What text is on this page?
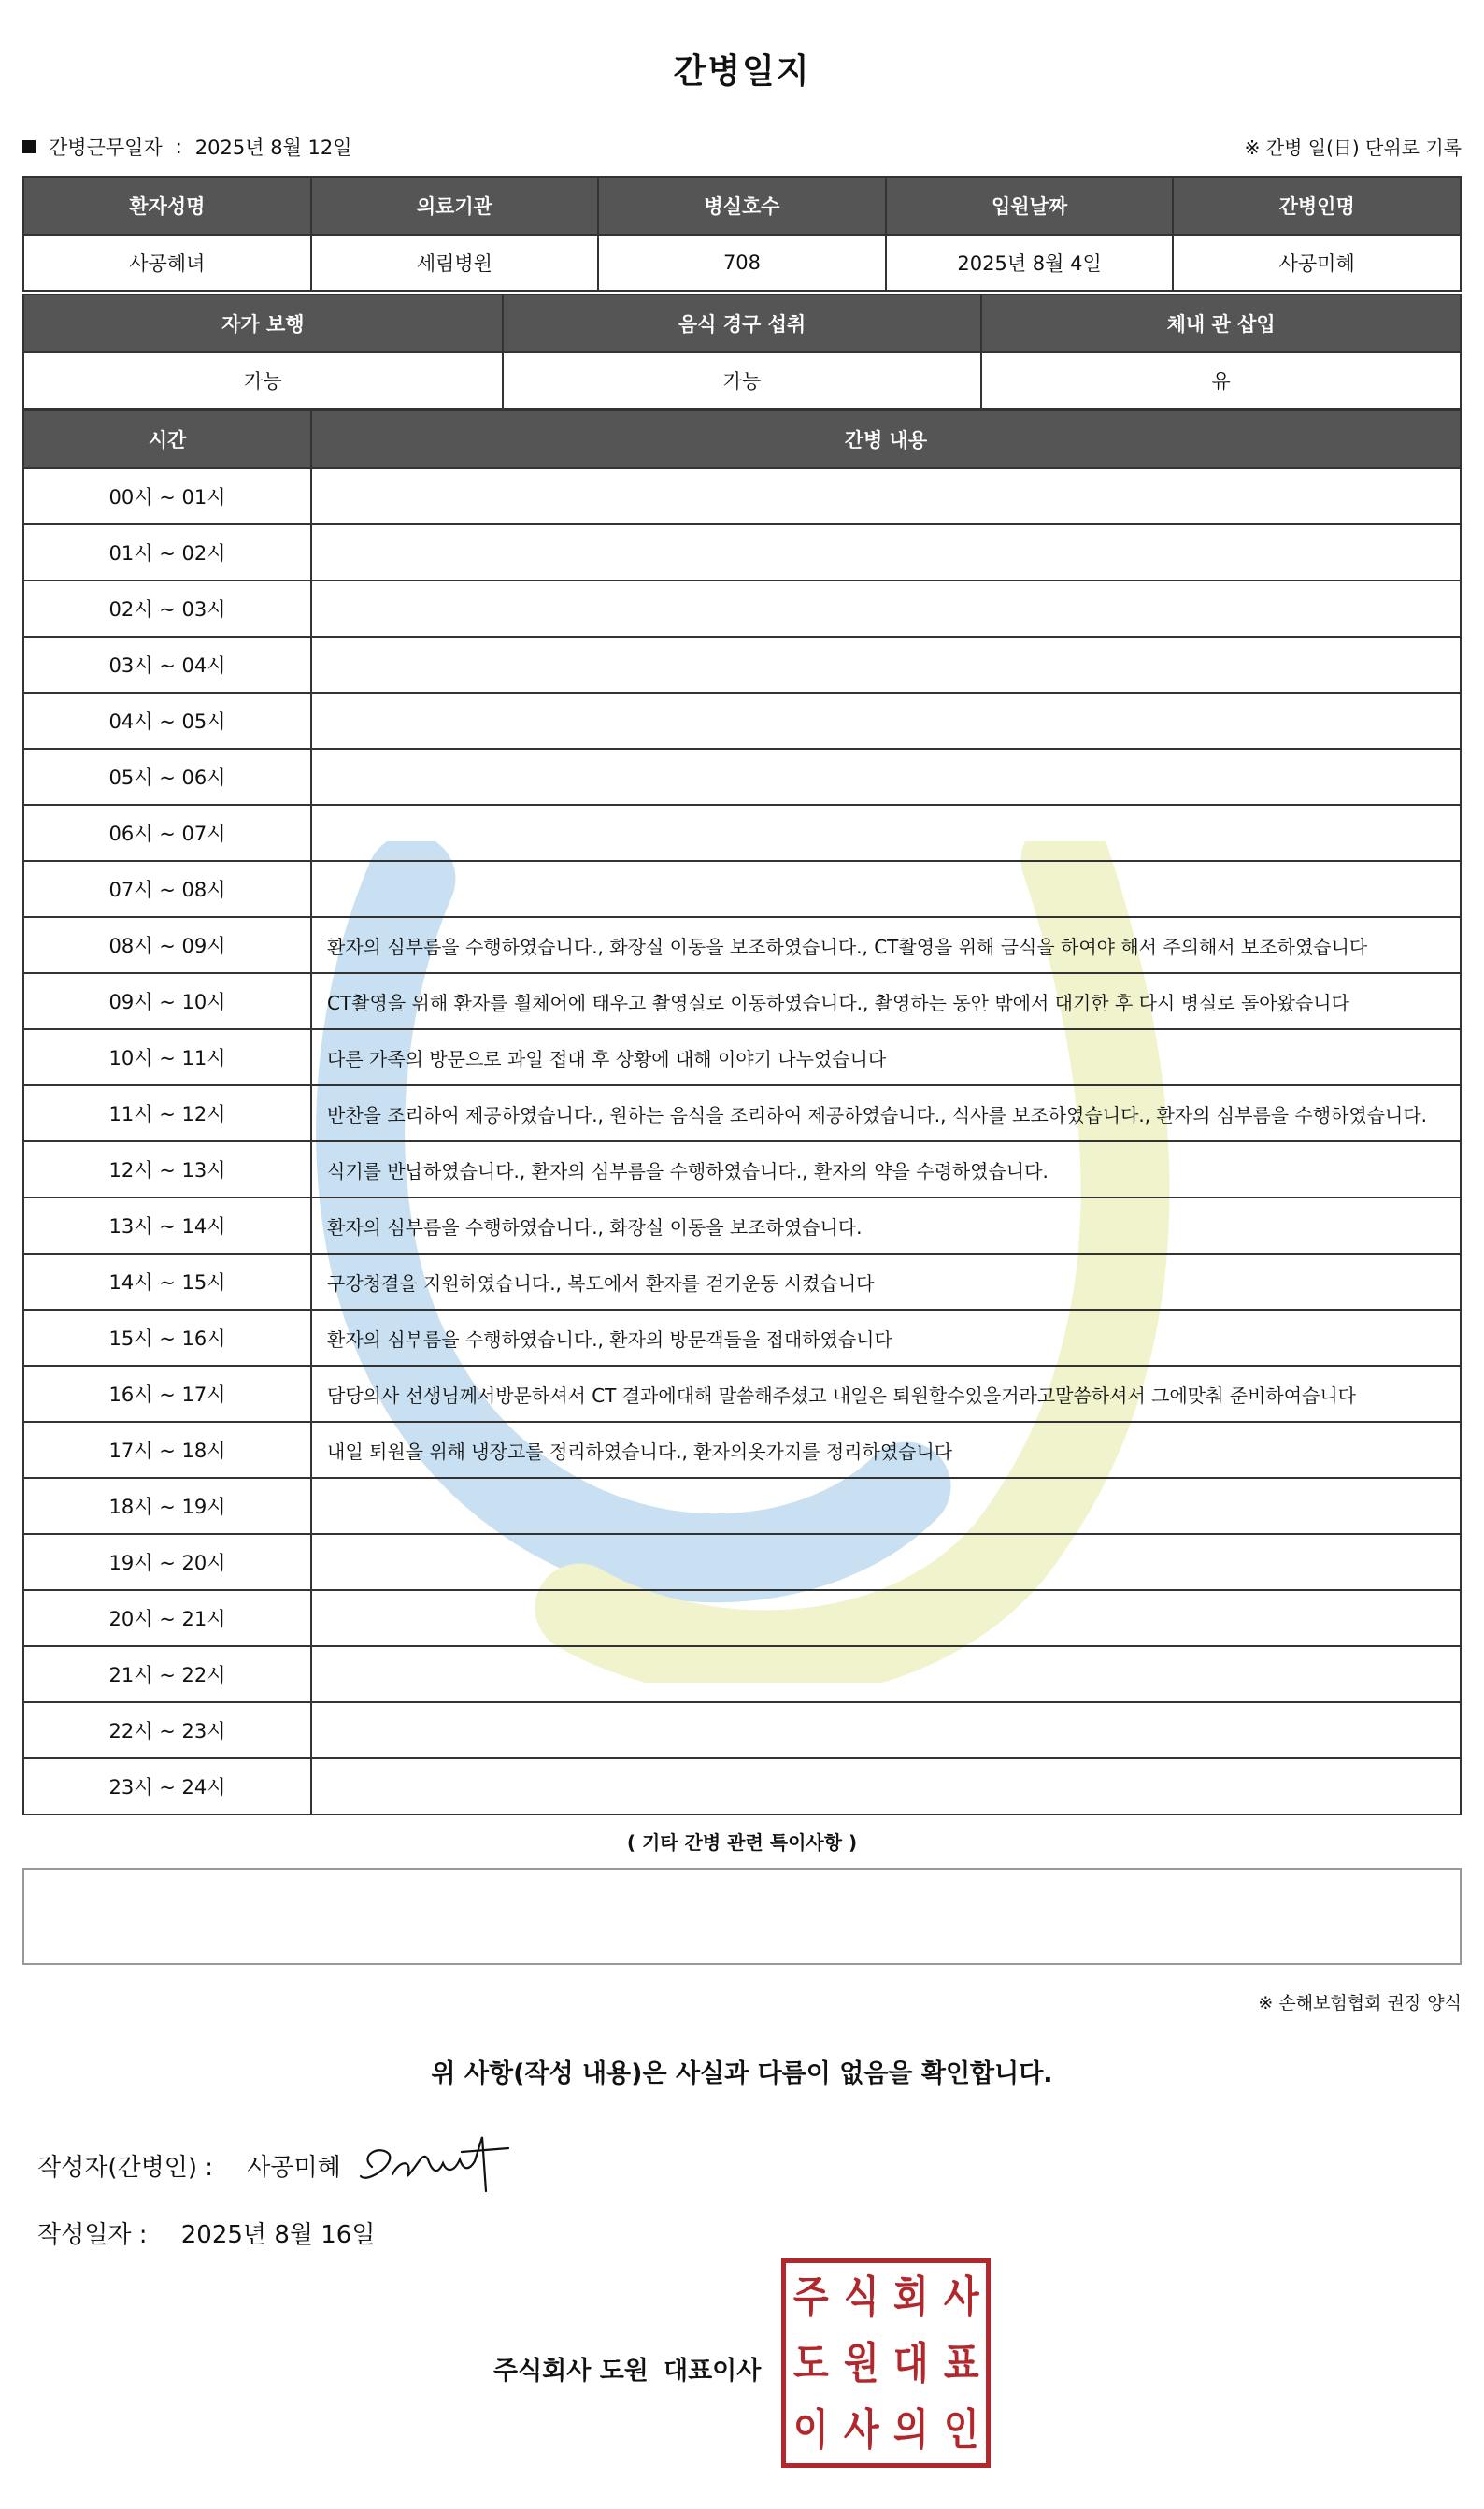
간병일지
간병근무일자 : 2025년 8월 12일	※ 간병 일(日) 단위로 기록
환자성명	의료기관	병실호수	입원날짜	간병인명
사공혜녀	세림병원	708	2025년 8월 4일	사공미혜
자가 보행	음식 경구 섭취	체내 관 삽입
가능	가능	유
시간	간병 내용
00시 ~ 01시	
01시 ~ 02시	
02시 ~ 03시	
03시 ~ 04시	
04시 ~ 05시	
05시 ~ 06시	
06시 ~ 07시	
07시 ~ 08시	
08시 ~ 09시	환자의 심부름을 수행하였습니다., 화장실 이동을 보조하였습니다., CT촬영을 위해 금식을 하여야 해서 주의해서 보조하였습니다
09시 ~ 10시	CT촬영을 위해 환자를 휠체어에 태우고 촬영실로 이동하였습니다., 촬영하는 동안 밖에서 대기한 후 다시 병실로 돌아왔습니다
10시 ~ 11시	다른 가족의 방문으로 과일 접대 후 상황에 대해 이야기 나누었습니다
11시 ~ 12시	반찬을 조리하여 제공하였습니다., 원하는 음식을 조리하여 제공하였습니다., 식사를 보조하였습니다., 환자의 심부름을 수행하였습니다.
12시 ~ 13시	식기를 반납하였습니다., 환자의 심부름을 수행하였습니다., 환자의 약을 수령하였습니다.
13시 ~ 14시	환자의 심부름을 수행하였습니다., 화장실 이동을 보조하였습니다.
14시 ~ 15시	구강청결을 지원하였습니다., 복도에서 환자를 걷기운동 시켰습니다
15시 ~ 16시	환자의 심부름을 수행하였습니다., 환자의 방문객들을 접대하였습니다
16시 ~ 17시	담당의사 선생님께서방문하셔서 CT 결과에대해 말씀해주셨고 내일은 퇴원할수있을거라고말씀하셔서 그에맞춰 준비하여습니다
17시 ~ 18시	내일 퇴원을 위해 냉장고를 정리하였습니다., 환자의옷가지를 정리하였습니다
18시 ~ 19시	
19시 ~ 20시	
20시 ~ 21시	
21시 ~ 22시	
22시 ~ 23시	
23시 ~ 24시	
( 기타 간병 관련 특이사항 )
※ 손해보험협회 권장 양식
위 사항(작성 내용)은 사실과 다름이 없음을 확인합니다.
작성자(간병인) : 사공미혜
작성일자 : 2025년 8월 16일
주식회사 도원 대표이사
주 식 회 사
도 원 대 표
이 사 의 인
